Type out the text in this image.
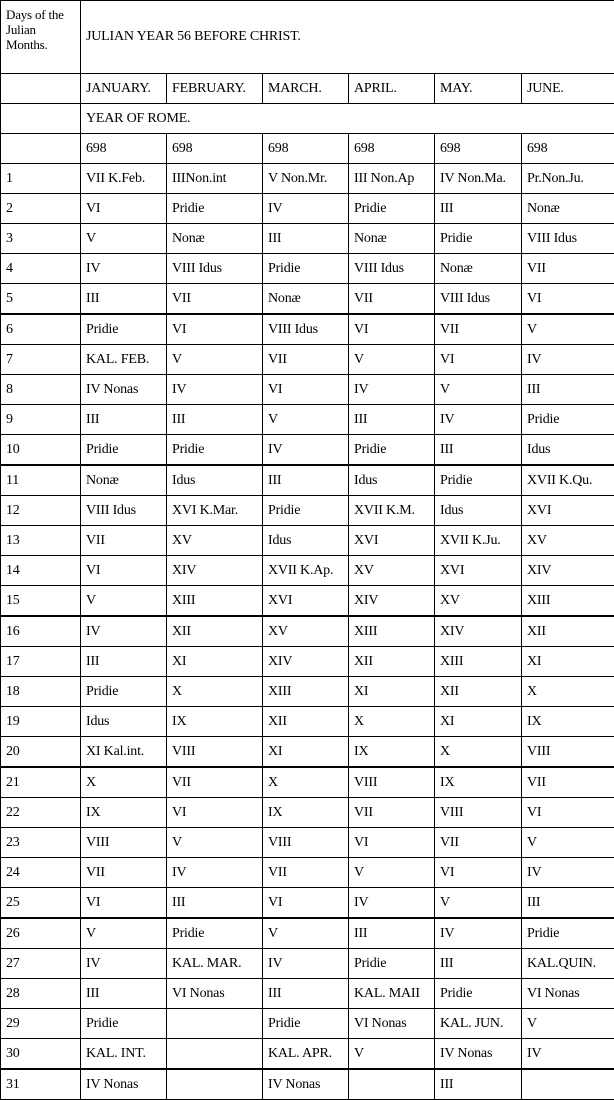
Days of the Julian Months.	JULIAN YEAR 56 BEFORE CHRIST.					
	JANUARY.	FEBRUARY.	MARCH.	APRIL.	MAY.	JUNE.
	YEAR OF ROME.					
	698	698	698	698	698	698
1	VII K.Feb.	IIINon.int	V Non.Mr.	III Non.Ap	IV Non.Ma.	Pr.Non.Ju.
2	VI	Pridie	IV	Pridie	III	Nonæ
3	V	Nonæ	III	Nonæ	Pridie	VIII Idus
4	IV	VIII Idus	Pridie	VIII Idus	Nonæ	VII
5	III	VII	Nonæ	VII	VIII Idus	VI
6	Pridie	VI	VIII Idus	VI	VII	V
7	KAL. FEB.	V	VII	V	VI	IV
8	IV Nonas	IV	VI	IV	V	III
9	III	III	V	III	IV	Pridie
10	Pridie	Pridie	IV	Pridie	III	Idus
11	Nonæ	Idus	III	Idus	Pridie	XVII K.Qu.
12	VIII Idus	XVI K.Mar.	Pridie	XVII K.M.	Idus	XVI
13	VII	XV	Idus	XVI	XVII K.Ju.	XV
14	VI	XIV	XVII K.Ap.	XV	XVI	XIV
15	V	XIII	XVI	XIV	XV	XIII
16	IV	XII	XV	XIII	XIV	XII
17	III	XI	XIV	XII	XIII	XI
18	Pridie	X	XIII	XI	XII	X
19	Idus	IX	XII	X	XI	IX
20	XI Kal.int.	VIII	XI	IX	X	VIII
21	X	VII	X	VIII	IX	VII
22	IX	VI	IX	VII	VIII	VI
23	VIII	V	VIII	VI	VII	V
24	VII	IV	VII	V	VI	IV
25	VI	III	VI	IV	V	III
26	V	Pridie	V	III	IV	Pridie
27	IV	KAL. MAR.	IV	Pridie	III	KAL.QUIN.
28	III	VI Nonas	III	KAL. MAII	Pridie	VI Nonas
29	Pridie		Pridie	VI Nonas	KAL. JUN.	V
30	KAL. INT.		KAL. APR.	V	IV Nonas	IV
31	IV Nonas		IV Nonas		III	
